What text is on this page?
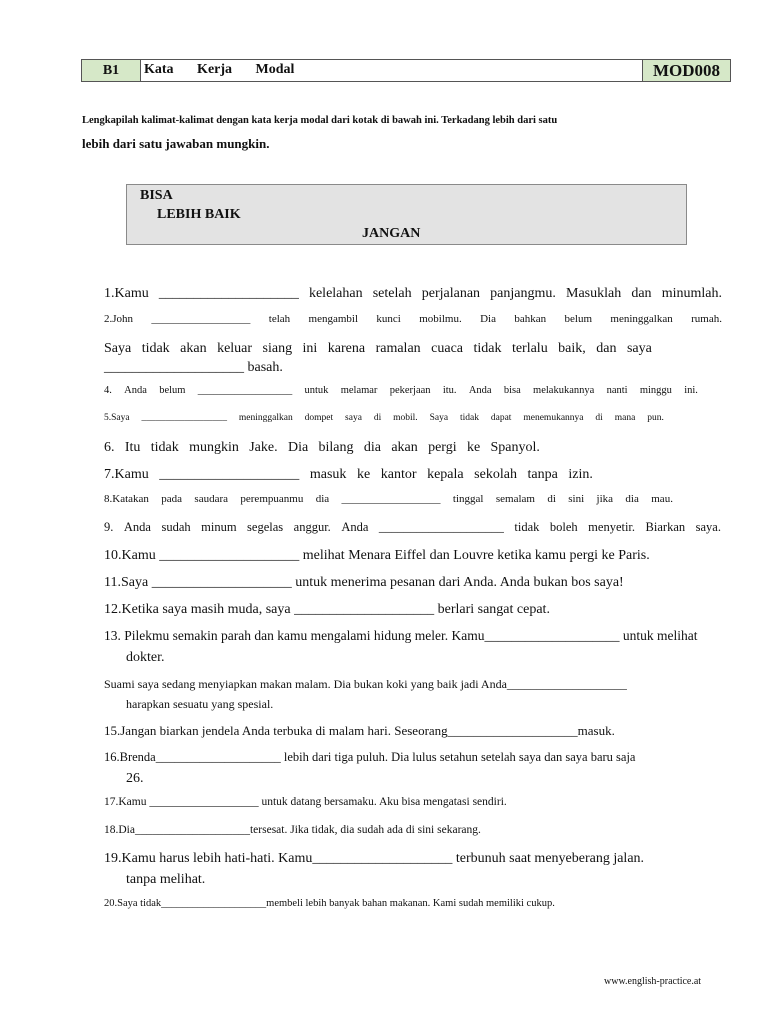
B1	Kata Kerja Modal	MOD008
Lengkapilah kalimat-kalimat dengan kata kerja modal dari kotak di bawah ini. Terkadang lebih dari satu
lebih dari satu jawaban mungkin.
BISA
LEBIH BAIK
JANGAN
1.Kamu ____________________ kelelahan setelah perjalanan panjangmu. Masuklah dan minumlah.
2.John __________________ telah mengambil kunci mobilmu. Dia bahkan belum meninggalkan rumah.
Saya tidak akan keluar siang ini karena ramalan cuaca tidak terlalu baik, dan saya
____________________ basah.
4. Anda belum __________________ untuk melamar pekerjaan itu. Anda bisa melakukannya nanti minggu ini.
5.Saya __________________ meninggalkan dompet saya di mobil. Saya tidak dapat menemukannya di mana pun.
6. Itu tidak mungkin Jake. Dia bilang dia akan pergi ke Spanyol.
7.Kamu ____________________ masuk ke kantor kepala sekolah tanpa izin.
8.Katakan pada saudara perempuanmu dia __________________ tinggal semalam di sini jika dia mau.
9. Anda sudah minum segelas anggur. Anda ____________________ tidak boleh menyetir. Biarkan saya.
10.Kamu ____________________ melihat Menara Eiffel dan Louvre ketika kamu pergi ke Paris.
11.Saya ____________________ untuk menerima pesanan dari Anda. Anda bukan bos saya!
12.Ketika saya masih muda, saya ____________________ berlari sangat cepat.
13. Pilekmu semakin parah dan kamu mengalami hidung meler. Kamu____________________ untuk melihat
dokter.
Suami saya sedang menyiapkan makan malam. Dia bukan koki yang baik jadi Anda____________________
harapkan sesuatu yang spesial.
15.Jangan biarkan jendela Anda terbuka di malam hari. Seseorang____________________masuk.
16.Brenda____________________ lebih dari tiga puluh. Dia lulus setahun setelah saya dan saya baru saja
26.
17.Kamu ___________________ untuk datang bersamaku. Aku bisa mengatasi sendiri.
18.Dia____________________tersesat. Jika tidak, dia sudah ada di sini sekarang.
19.Kamu harus lebih hati-hati. Kamu____________________ terbunuh saat menyeberang jalan.
tanpa melihat.
20.Saya tidak____________________membeli lebih banyak bahan makanan. Kami sudah memiliki cukup.
www.english-practice.at
